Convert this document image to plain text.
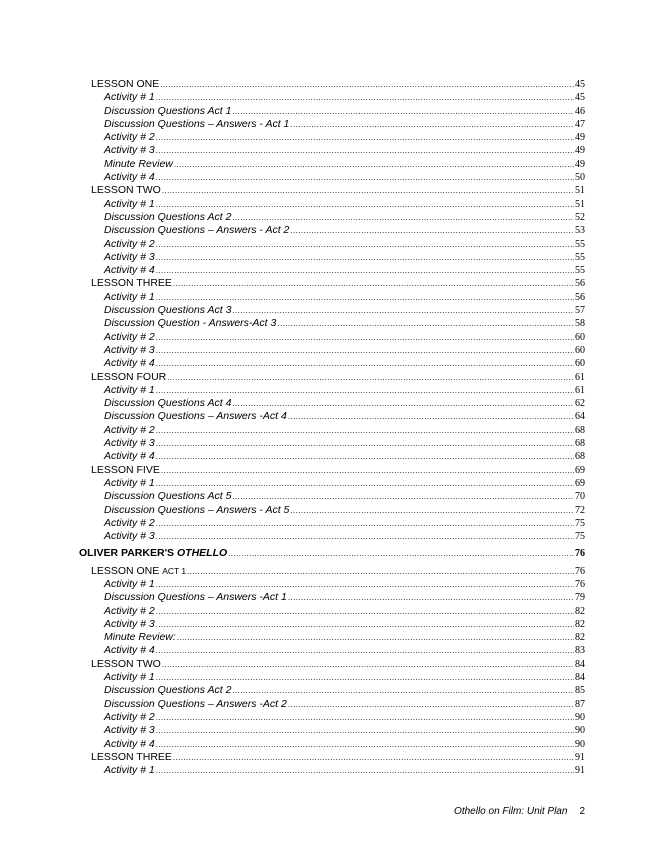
LESSON ONE .....	45
Activity # 1 .....	45
Discussion Questions Act 1 .....	46
Discussion Questions – Answers - Act 1 .....	47
Activity # 2 .....	49
Activity # 3 .....	49
Minute Review .....	49
Activity # 4 .....	50
LESSON TWO .....	51
Activity # 1 .....	51
Discussion Questions Act 2 .....	52
Discussion Questions – Answers - Act 2 .....	53
Activity # 2 .....	55
Activity # 3 .....	55
Activity # 4 .....	55
LESSON THREE .....	56
Activity # 1 .....	56
Discussion Questions Act 3 .....	57
Discussion Question - Answers-Act 3 .....	58
Activity # 2 .....	60
Activity # 3 .....	60
Activity # 4 .....	60
LESSON FOUR .....	61
Activity # 1 .....	61
Discussion Questions Act 4 .....	62
Discussion Questions – Answers -Act 4 .....	64
Activity # 2 .....	68
Activity # 3 .....	68
Activity # 4 .....	68
LESSON FIVE .....	69
Activity # 1 .....	69
Discussion Questions Act 5 .....	70
Discussion Questions – Answers - Act 5 .....	72
Activity # 2 .....	75
Activity # 3 .....	75
OLIVER PARKER'S OTHELLO .....	76
LESSON ONE ACT 1 .....	76
Activity # 1 .....	76
Discussion Questions – Answers -Act 1 .....	79
Activity # 2 .....	82
Activity # 3 .....	82
Minute Review: .....	82
Activity # 4 .....	83
LESSON TWO .....	84
Activity # 1 .....	84
Discussion Questions Act 2 .....	85
Discussion Questions – Answers -Act 2 .....	87
Activity # 2 .....	90
Activity # 3 .....	90
Activity # 4 .....	90
LESSON THREE .....	91
Activity # 1 .....	91
Othello on Film: Unit Plan 2
